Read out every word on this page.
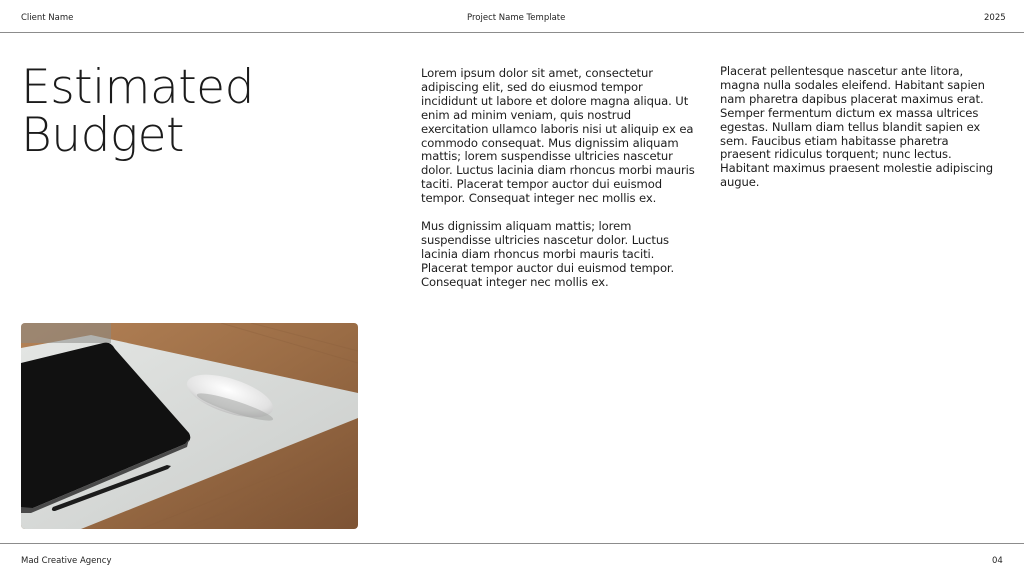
Client Name	Project Name Template	2025
Estimated
Budget

Lorem ipsum dolor sit amet, consectetur adipiscing elit, sed do eiusmod tempor incididunt ut labore et dolore magna aliqua. Ut enim ad minim veniam, quis nostrud exercitation ullamco laboris nisi ut aliquip ex ea commodo consequat. Mus dignissim aliquam mattis; lorem suspendisse ultricies nascetur dolor. Luctus lacinia diam rhoncus morbi mauris taciti. Placerat tempor auctor dui euismod tempor. Consequat integer nec mollis ex.

Mus dignissim aliquam mattis; lorem suspendisse ultricies nascetur dolor. Luctus lacinia diam rhoncus morbi mauris taciti. Placerat tempor auctor dui euismod tempor. Consequat integer nec mollis ex.

Placerat pellentesque nascetur ante litora, magna nulla sodales eleifend. Habitant sapien nam pharetra dapibus placerat maximus erat. Semper fermentum dictum ex massa ultrices egestas. Nullam diam tellus blandit sapien ex sem. Faucibus etiam habitasse pharetra praesent ridiculus torquent; nunc lectus. Habitant maximus praesent molestie adipiscing augue.

Mad Creative Agency	04
